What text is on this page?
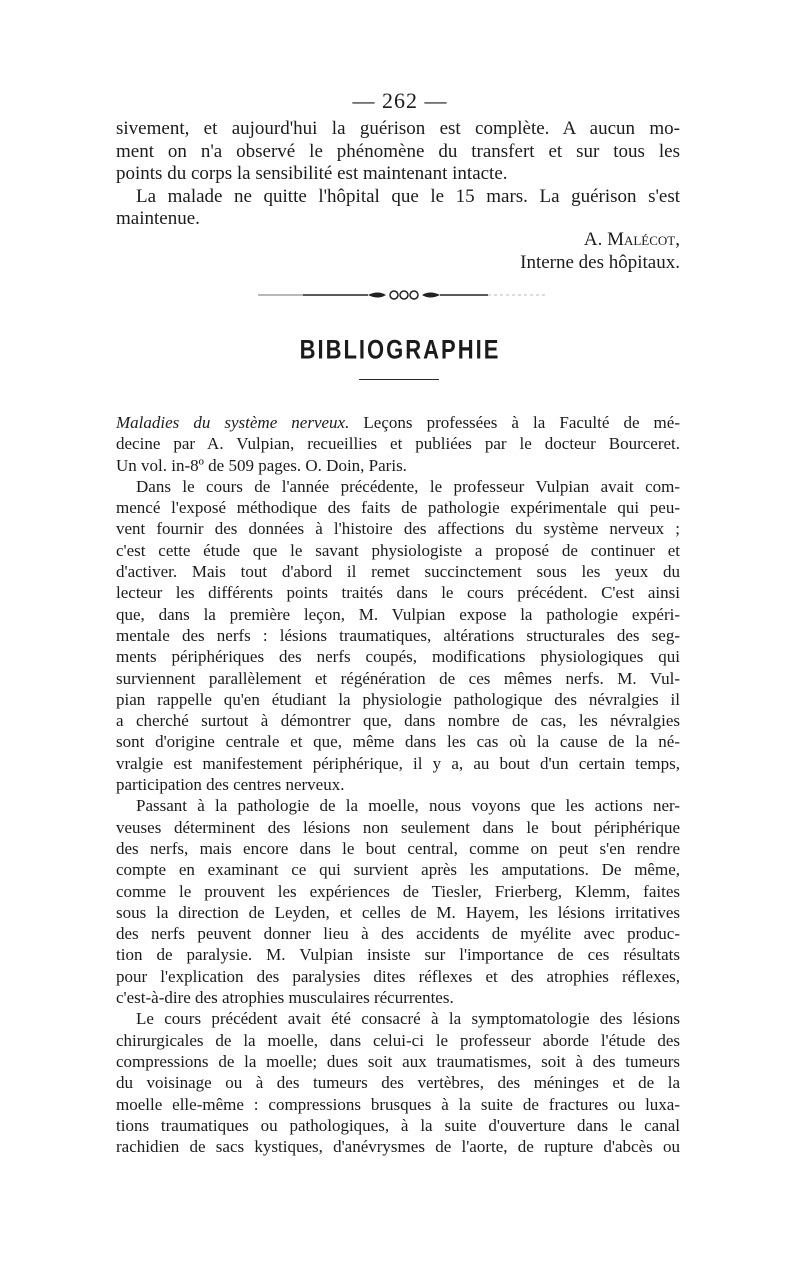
— 262 —
sivement, et aujourd'hui la guérison est complète. A aucun mo-
ment on n'a observé le phénomène du transfert et sur tous les
points du corps la sensibilité est maintenant intacte.
La malade ne quitte l'hôpital que le 15 mars. La guérison s'est
maintenue.
A. Malécot,
Interne des hôpitaux.
BIBLIOGRAPHIE
Maladies du système nerveux. Leçons professées à la Faculté de mé-
decine par A. Vulpian, recueillies et publiées par le docteur Bourceret.
Un vol. in-8º de 509 pages. O. Doin, Paris.
Dans le cours de l'année précédente, le professeur Vulpian avait com-
mencé l'exposé méthodique des faits de pathologie expérimentale qui peu-
vent fournir des données à l'histoire des affections du système nerveux ;
c'est cette étude que le savant physiologiste a proposé de continuer et
d'activer. Mais tout d'abord il remet succinctement sous les yeux du
lecteur les différents points traités dans le cours précédent. C'est ainsi
que, dans la première leçon, M. Vulpian expose la pathologie expéri-
mentale des nerfs : lésions traumatiques, altérations structurales des seg-
ments périphériques des nerfs coupés, modifications physiologiques qui
surviennent parallèlement et régénération de ces mêmes nerfs. M. Vul-
pian rappelle qu'en étudiant la physiologie pathologique des névralgies il
a cherché surtout à démontrer que, dans nombre de cas, les névralgies
sont d'origine centrale et que, même dans les cas où la cause de la né-
vralgie est manifestement périphérique, il y a, au bout d'un certain temps,
participation des centres nerveux.
Passant à la pathologie de la moelle, nous voyons que les actions ner-
veuses déterminent des lésions non seulement dans le bout périphérique
des nerfs, mais encore dans le bout central, comme on peut s'en rendre
compte en examinant ce qui survient après les amputations. De même,
comme le prouvent les expériences de Tiesler, Frierberg, Klemm, faites
sous la direction de Leyden, et celles de M. Hayem, les lésions irritatives
des nerfs peuvent donner lieu à des accidents de myélite avec produc-
tion de paralysie. M. Vulpian insiste sur l'importance de ces résultats
pour l'explication des paralysies dites réflexes et des atrophies réflexes,
c'est-à-dire des atrophies musculaires récurrentes.
Le cours précédent avait été consacré à la symptomatologie des lésions
chirurgicales de la moelle, dans celui-ci le professeur aborde l'étude des
compressions de la moelle; dues soit aux traumatismes, soit à des tumeurs
du voisinage ou à des tumeurs des vertèbres, des méninges et de la
moelle elle-même : compressions brusques à la suite de fractures ou luxa-
tions traumatiques ou pathologiques, à la suite d'ouverture dans le canal
rachidien de sacs kystiques, d'anévrysmes de l'aorte, de rupture d'abcès ou
